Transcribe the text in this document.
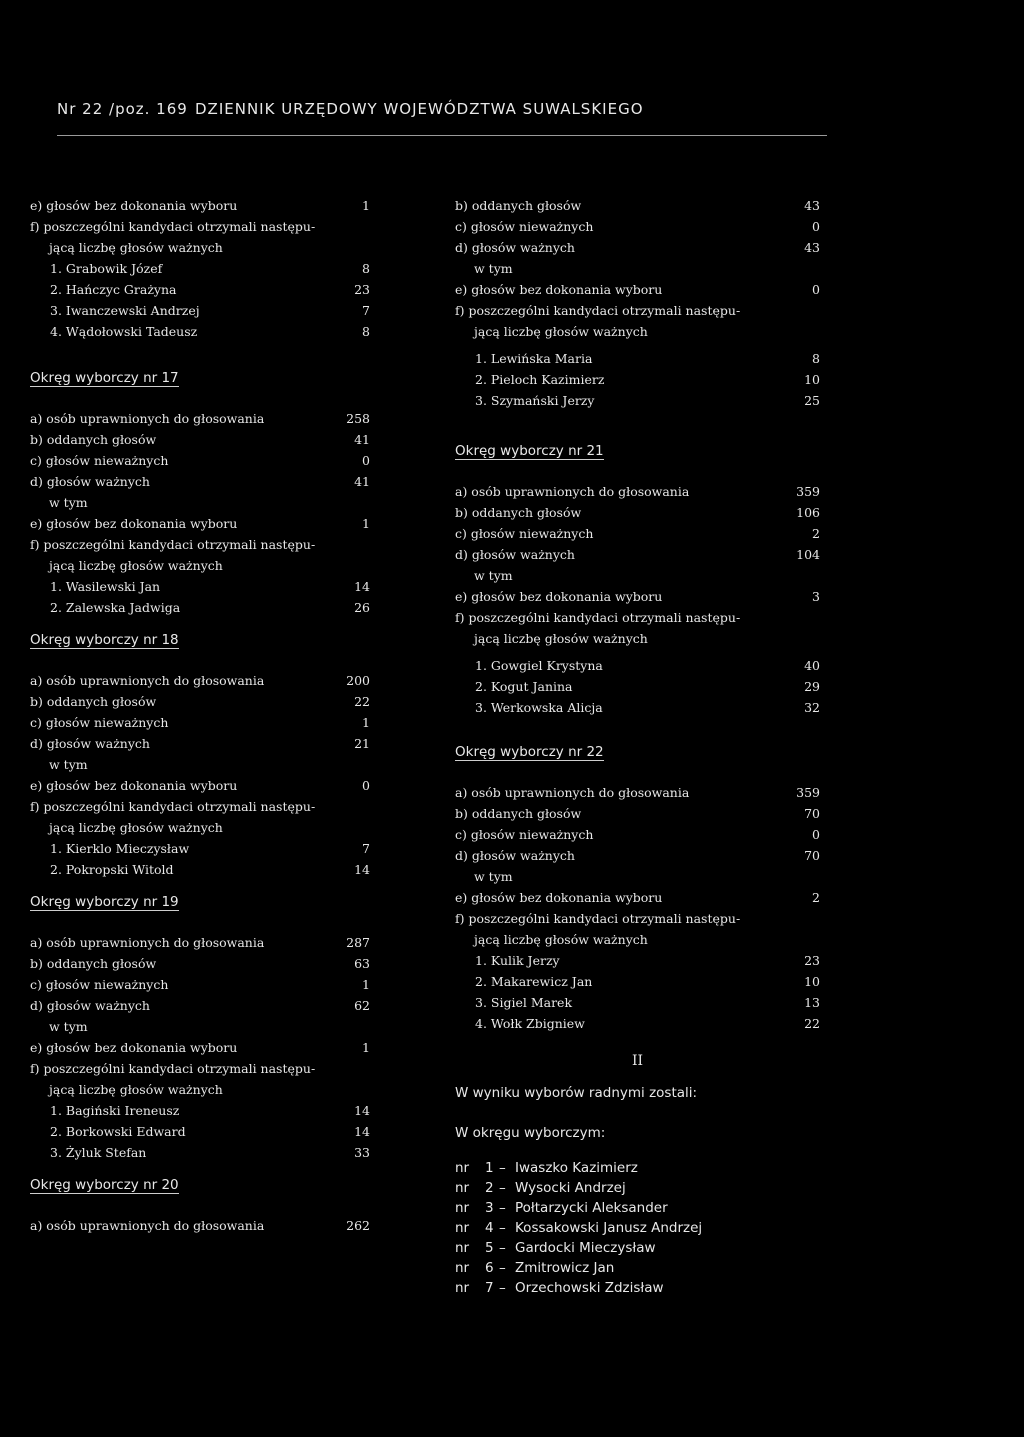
Nr 22 /poz. 169 DZIENNIK URZĘDOWY WOJEWÓDZTWA SUWALSKIEGO
e) głosów bez dokonania wyboru	1
f) poszczególni kandydaci otrzymali następu-
jącą liczbę głosów ważnych
1. Grabowik Józef	8
2. Hańczyc Grażyna	23
3. Iwanczewski Andrzej	7
4. Wądołowski Tadeusz	8
Okręg wyborczy nr 17
a) osób uprawnionych do głosowania	258
b) oddanych głosów	41
c) głosów nieważnych	0
d) głosów ważnych	41
w tym
e) głosów bez dokonania wyboru	1
f) poszczególni kandydaci otrzymali następu-
jącą liczbę głosów ważnych
1. Wasilewski Jan	14
2. Zalewska Jadwiga	26
Okręg wyborczy nr 18
a) osób uprawnionych do głosowania	200
b) oddanych głosów	22
c) głosów nieważnych	1
d) głosów ważnych	21
w tym
e) głosów bez dokonania wyboru	0
f) poszczególni kandydaci otrzymali następu-
jącą liczbę głosów ważnych
1. Kierklo Mieczysław	7
2. Pokropski Witold	14
Okręg wyborczy nr 19
a) osób uprawnionych do głosowania	287
b) oddanych głosów	63
c) głosów nieważnych	1
d) głosów ważnych	62
w tym
e) głosów bez dokonania wyboru	1
f) poszczególni kandydaci otrzymali następu-
jącą liczbę głosów ważnych
1. Bagiński Ireneusz	14
2. Borkowski Edward	14
3. Żyluk Stefan	33
Okręg wyborczy nr 20
a) osób uprawnionych do głosowania	262
b) oddanych głosów	43
c) głosów nieważnych	0
d) głosów ważnych	43
w tym
e) głosów bez dokonania wyboru	0
f) poszczególni kandydaci otrzymali następu-
jącą liczbę głosów ważnych
1. Lewińska Maria	8
2. Pieloch Kazimierz	10
3. Szymański Jerzy	25
Okręg wyborczy nr 21
a) osób uprawnionych do głosowania	359
b) oddanych głosów	106
c) głosów nieważnych	2
d) głosów ważnych	104
w tym
e) głosów bez dokonania wyboru	3
f) poszczególni kandydaci otrzymali następu-
jącą liczbę głosów ważnych
1. Gowgiel Krystyna	40
2. Kogut Janina	29
3. Werkowska Alicja	32
Okręg wyborczy nr 22
a) osób uprawnionych do głosowania	359
b) oddanych głosów	70
c) głosów nieważnych	0
d) głosów ważnych	70
w tym
e) głosów bez dokonania wyboru	2
f) poszczególni kandydaci otrzymali następu-
jącą liczbę głosów ważnych
1. Kulik Jerzy	23
2. Makarewicz Jan	10
3. Sigiel Marek	13
4. Wołk Zbigniew	22
II
W wyniku wyborów radnymi zostali:
W okręgu wyborczym:
nr 1 – Iwaszko Kazimierz
nr 2 – Wysocki Andrzej
nr 3 – Połtarzycki Aleksander
nr 4 – Kossakowski Janusz Andrzej
nr 5 – Gardocki Mieczysław
nr 6 – Zmitrowicz Jan
nr 7 – Orzechowski Zdzisław
